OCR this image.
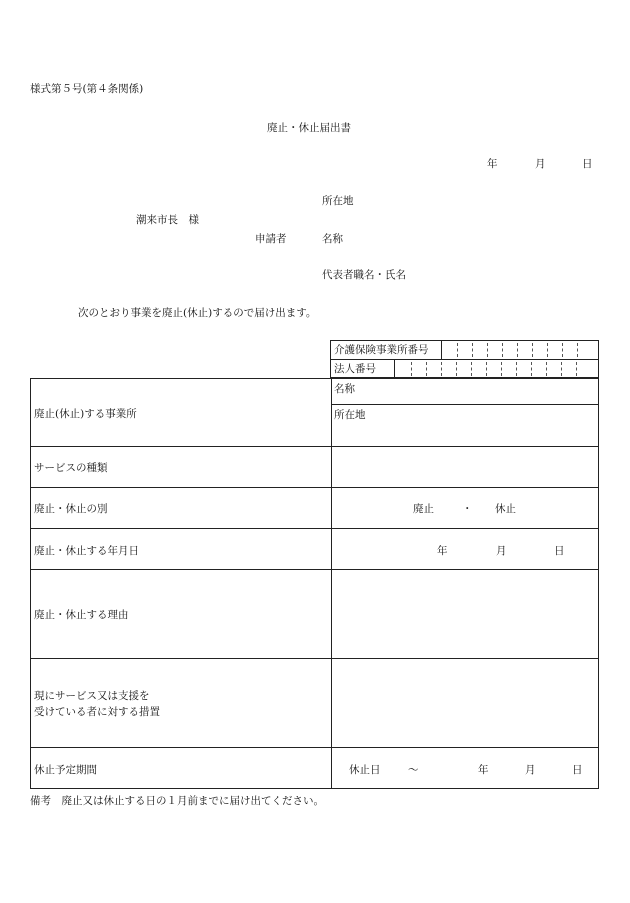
様式第５号(第４条関係)
廃止・休止届出書
年	月	日
所在地
潮来市長　様
申請者	名称
代表者職名・氏名
次のとおり事業を廃止(休止)するので届け出ます。
介護保険事業所番号
法人番号
廃止(休止)する事業所
名称
所在地
サービスの種類
廃止・休止の別	廃止	・ 休止
廃止・休止する年月日	年	月	日
廃止・休止する理由
現にサービス又は支援を
受けている者に対する措置
休止予定期間	休止日	～	年	月	日
備考　廃止又は休止する日の１月前までに届け出てください。
